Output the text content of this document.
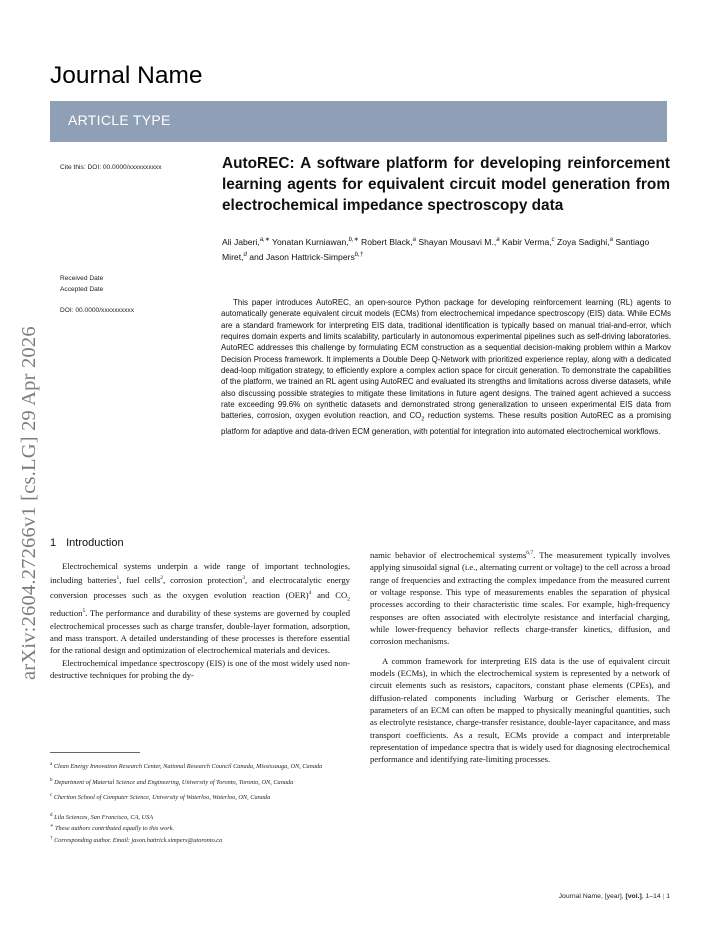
Journal Name
ARTICLE TYPE
arXiv:2604.27266v1 [cs.LG] 29 Apr 2026
Cite this: DOI: 00.0000/xxxxxxxxxx
Received Date
Accepted Date
DOI: 00.0000/xxxxxxxxxx
AutoREC: A software platform for developing reinforcement learning agents for equivalent circuit model generation from electrochemical impedance spectroscopy data
Ali Jaberi,$^{a,∗}$ Yonatan Kurniawan,$^{b,∗}$ Robert Black,$^a$ Shayan Mousavi M.,$^a$ Kabir Verma,$^c$ Zoya Sadighi,$^a$ Santiago Miret,$^d$ and Jason Hattrick-Simpers$^{b,\dagger}$

This paper introduces AutoREC, an open-source Python package for developing reinforcement learning (RL) agents to automatically generate equivalent circuit models (ECMs) from electrochemical impedance spectroscopy (EIS) data. While ECMs are a standard framework for interpreting EIS data, traditional identification is typically based on manual trial-and-error, which requires domain experts and limits scalability, particularly in autonomous experimental pipelines such as self-driving laboratories. AutoREC addresses this challenge by formulating ECM construction as a sequential decision-making problem within a Markov Decision Process framework. It implements a Double Deep Q-Network with prioritized experience replay, along with a dedicated dead-loop mitigation strategy, to efficiently explore a complex action space for circuit generation. To demonstrate the capabilities of the platform, we trained an RL agent using AutoREC and evaluated its strengths and limitations across diverse datasets, while also discussing possible strategies to mitigate these limitations in future agent designs. The trained agent achieved a success rate exceeding 99.6% on synthetic datasets and demonstrated strong generalization to unseen experimental EIS data from batteries, corrosion, oxygen evolution reaction, and $CO_2$ reduction systems. These results position AutoREC as a promising platform for adaptive and data-driven ECM generation, with potential for integration into automated electrochemical workflows.

1 Introduction

Electrochemical systems underpin a wide range of important technologies, including batteries$^1$, fuel cells$^2$, corrosion protection$^3$, and electrocatalytic energy conversion processes such as the oxygen evolution reaction (OER)$^4$ and $CO_2$ reduction$^5$. The performance and durability of these systems are governed by coupled electrochemical processes such as charge transfer, double-layer formation, adsorption, and mass transport. A detailed understanding of these processes is therefore essential for the rational design and optimization of electrochemical materials and devices.

Electrochemical impedance spectroscopy (EIS) is one of the most widely used non-destructive techniques for probing the dy-

$^a$ Clean Energy Innovation Research Center, National Research Council Canada, Mississauga, ON, Canada

$^b$ Department of Material Science and Engineering, University of Toronto, Toronto, ON, Canada

$^c$ Cheriton School of Computer Science, University of Waterloo, Waterloo, ON, Canada

$^d$ Lila Sciences, San Francisco, CA, USA

∗ These authors contributed equally to this work.

† Corresponding author. Email: jason.hattrick.simpers@utoronto.ca

namic behavior of electrochemical systems$^{6,7}$. The measurement typically involves applying sinusoidal signal (i.e., alternating current or voltage) to the cell across a broad range of frequencies and extracting the complex impedance from the measured current or voltage response. This type of measurements enables the separation of physical processes according to their characteristic time scales. For example, high-frequency responses are often associated with electrolyte resistance and interfacial charging, while lower-frequency behavior reflects charge-transfer kinetics, diffusion, and corrosion mechanisms.

A common framework for interpreting EIS data is the use of equivalent circuit models (ECMs), in which the electrochemical system is represented by a network of circuit elements such as resistors, capacitors, constant phase elements (CPEs), and diffusion-related components including Warburg or Gerischer elements. The parameters of an ECM can often be mapped to physically meaningful quantities, such as electrolyte resistance, charge-transfer resistance, double-layer capacitance, and mass transport coefficients. As a result, ECMs provide a compact and interpretable representation of impedance spectra that is widely used for diagnosing electrochemical performance and identifying rate-limiting processes.

Journal Name, [year], [vol.], 1–14 | 1
